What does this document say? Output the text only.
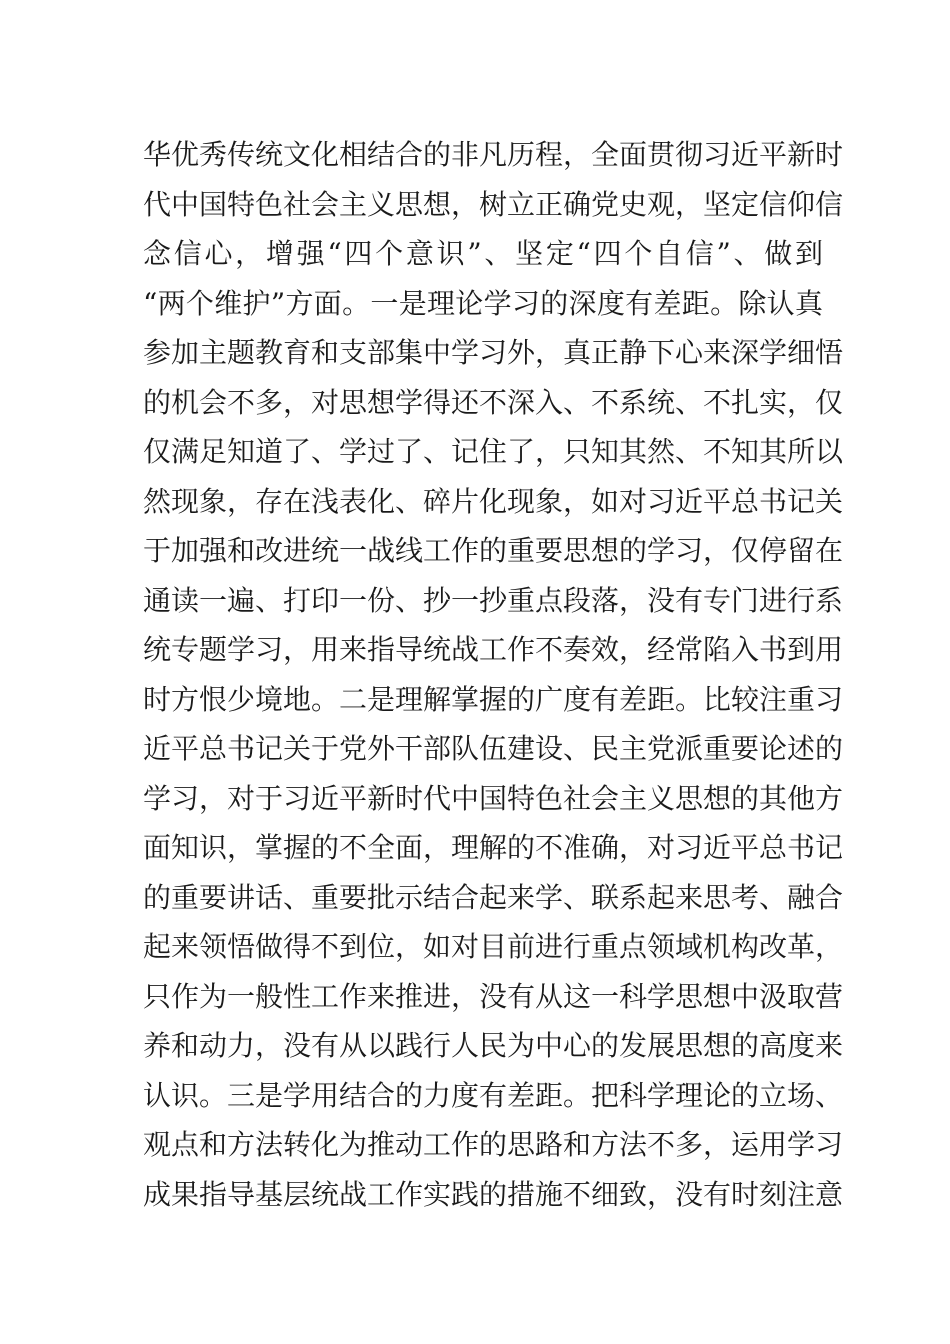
华优秀传统文化相结合的非凡历程，全面贯彻习近平新时
代中国特色社会主义思想，树立正确党史观，坚定信仰信
念信心，增强“四个意识”、坚定“四个自信”、做到
“两个维护”方面。一是理论学习的深度有差距。除认真
参加主题教育和支部集中学习外，真正静下心来深学细悟
的机会不多，对思想学得还不深入、不系统、不扎实，仅
仅满足知道了、学过了、记住了，只知其然、不知其所以
然现象，存在浅表化、碎片化现象，如对习近平总书记关
于加强和改进统一战线工作的重要思想的学习，仅停留在
通读一遍、打印一份、抄一抄重点段落，没有专门进行系
统专题学习，用来指导统战工作不奏效，经常陷入书到用
时方恨少境地。二是理解掌握的广度有差距。比较注重习
近平总书记关于党外干部队伍建设、民主党派重要论述的
学习，对于习近平新时代中国特色社会主义思想的其他方
面知识，掌握的不全面，理解的不准确，对习近平总书记
的重要讲话、重要批示结合起来学、联系起来思考、融合
起来领悟做得不到位，如对目前进行重点领域机构改革，
只作为一般性工作来推进，没有从这一科学思想中汲取营
养和动力，没有从以践行人民为中心的发展思想的高度来
认识。三是学用结合的力度有差距。把科学理论的立场、
观点和方法转化为推动工作的思路和方法不多，运用学习
成果指导基层统战工作实践的措施不细致，没有时刻注意
